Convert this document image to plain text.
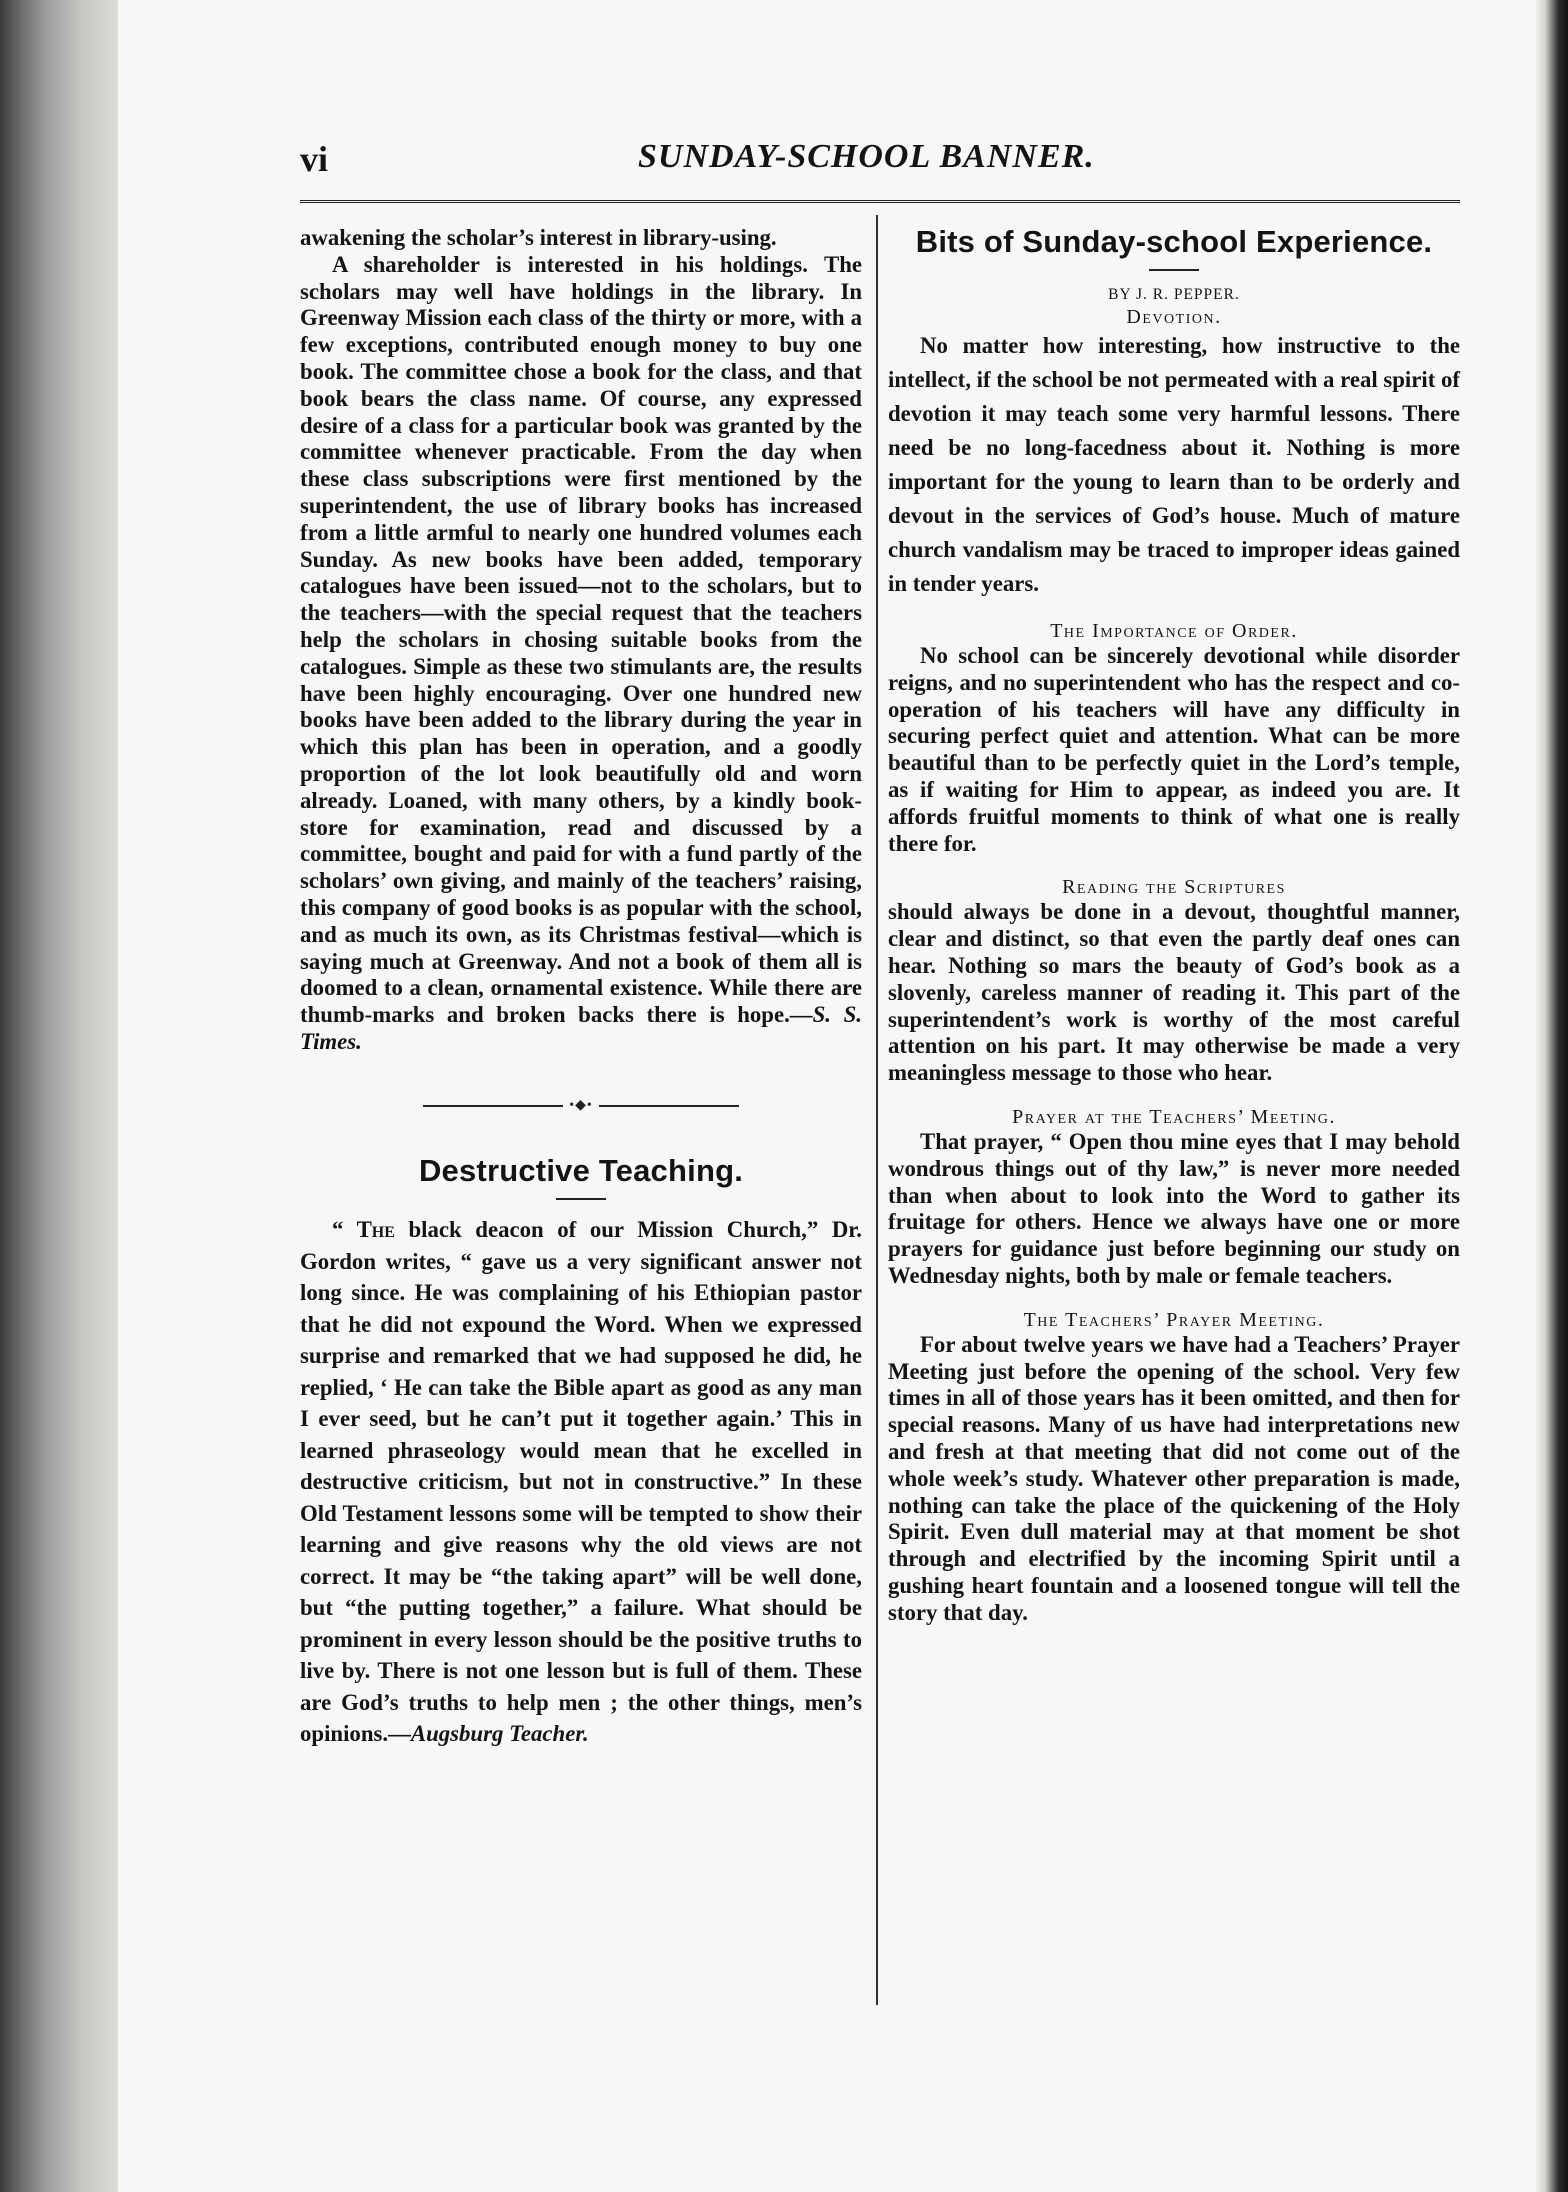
vi	SUNDAY-SCHOOL BANNER.

awakening the scholar’s interest in library-using.

A shareholder is interested in his holdings. The scholars may well have holdings in the library. In Greenway Mission each class of the thirty or more, with a few exceptions, contributed enough money to buy one book. The committee chose a book for the class, and that book bears the class name. Of course, any expressed desire of a class for a particular book was granted by the committee whenever practicable. From the day when these class subscriptions were first mentioned by the superintendent, the use of library books has increased from a little armful to nearly one hundred volumes each Sunday. As new books have been added, temporary catalogues have been issued—not to the scholars, but to the teachers—with the special request that the teachers help the scholars in chosing suitable books from the catalogues. Simple as these two stimulants are, the results have been highly encouraging. Over one hundred new books have been added to the library during the year in which this plan has been in operation, and a goodly proportion of the lot look beautifully old and worn already. Loaned, with many others, by a kindly book-store for examination, read and discussed by a committee, bought and paid for with a fund partly of the scholars’ own giving, and mainly of the teachers’ raising, this company of good books is as popular with the school, and as much its own, as its Christmas festival—which is saying much at Greenway. And not a book of them all is doomed to a clean, ornamental existence. While there are thumb-marks and broken backs there is hope.—S. S. Times.

•◆•

Destructive Teaching.

“ The black deacon of our Mission Church,” Dr. Gordon writes, “ gave us a very significant answer not long since. He was complaining of his Ethiopian pastor that he did not expound the Word. When we expressed surprise and remarked that we had supposed he did, he replied, ‘ He can take the Bible apart as good as any man I ever seed, but he can’t put it together again.’ This in learned phraseology would mean that he excelled in destructive criticism, but not in constructive.” In these Old Testament lessons some will be tempted to show their learning and give reasons why the old views are not correct. It may be “the taking apart” will be well done, but “the putting together,” a failure. What should be prominent in every lesson should be the positive truths to live by. There is not one lesson but is full of them. These are God’s truths to help men ; the other things, men’s opinions.—Augsburg Teacher.

Bits of Sunday-school Experience.

BY J. R. PEPPER.

Devotion.

No matter how interesting, how instructive to the intellect, if the school be not permeated with a real spirit of devotion it may teach some very harmful lessons. There need be no long-facedness about it. Nothing is more important for the young to learn than to be orderly and devout in the services of God’s house. Much of mature church vandalism may be traced to improper ideas gained in tender years.

The Importance of Order.

No school can be sincerely devotional while disorder reigns, and no superintendent who has the respect and co-operation of his teachers will have any difficulty in securing perfect quiet and attention. What can be more beautiful than to be perfectly quiet in the Lord’s temple, as if waiting for Him to appear, as indeed you are. It affords fruitful moments to think of what one is really there for.

Reading the Scriptures

should always be done in a devout, thoughtful manner, clear and distinct, so that even the partly deaf ones can hear. Nothing so mars the beauty of God’s book as a slovenly, careless manner of reading it. This part of the superintendent’s work is worthy of the most careful attention on his part. It may otherwise be made a very meaningless message to those who hear.

Prayer at the Teachers’ Meeting.

That prayer, “ Open thou mine eyes that I may behold wondrous things out of thy law,” is never more needed than when about to look into the Word to gather its fruitage for others. Hence we always have one or more prayers for guidance just before beginning our study on Wednesday nights, both by male or female teachers.

The Teachers’ Prayer Meeting.

For about twelve years we have had a Teachers’ Prayer Meeting just before the opening of the school. Very few times in all of those years has it been omitted, and then for special reasons. Many of us have had interpretations new and fresh at that meeting that did not come out of the whole week’s study. Whatever other preparation is made, nothing can take the place of the quickening of the Holy Spirit. Even dull material may at that moment be shot through and electrified by the incoming Spirit until a gushing heart fountain and a loosened tongue will tell the story that day.
